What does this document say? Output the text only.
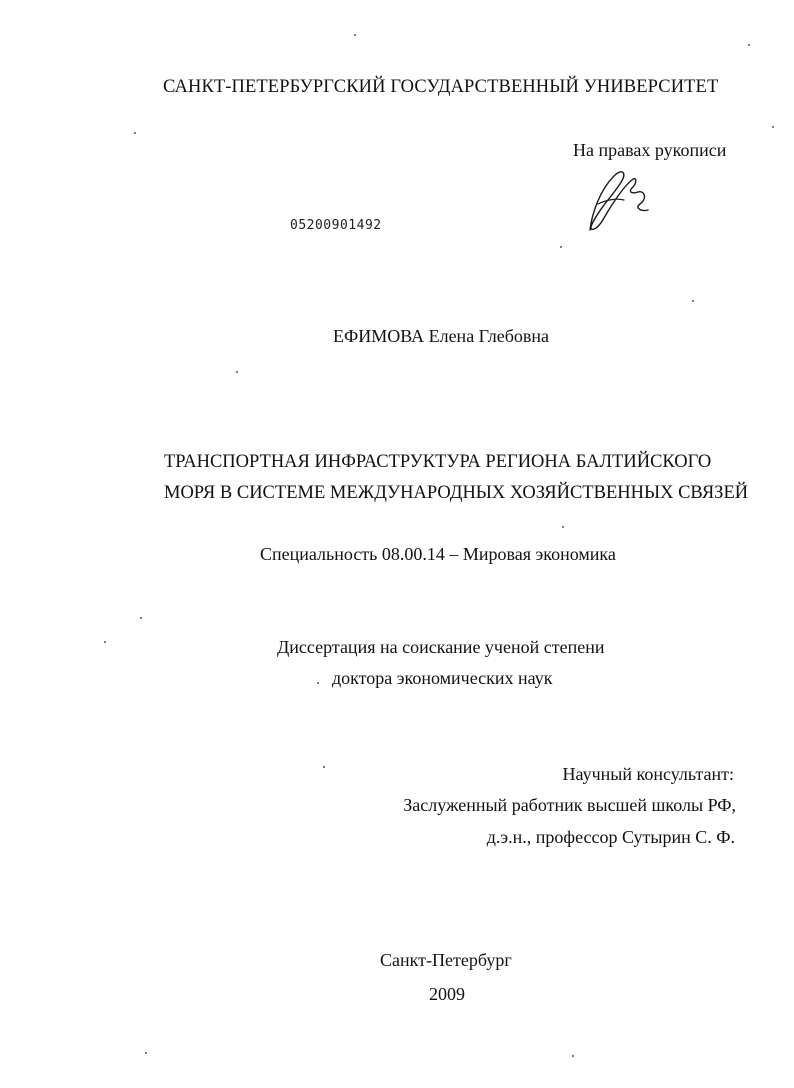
САНКТ-ПЕТЕРБУРГСКИЙ ГОСУДАРСТВЕННЫЙ УНИВЕРСИТЕТ
На правах рукописи
05200901492
ЕФИМОВА Елена Глебовна
ТРАНСПОРТНАЯ ИНФРАСТРУКТУРА РЕГИОНА БАЛТИЙСКОГО
МОРЯ В СИСТЕМЕ МЕЖДУНАРОДНЫХ ХОЗЯЙСТВЕННЫХ СВЯЗЕЙ
Специальность 08.00.14 – Мировая экономика
Диссертация на соискание ученой степени
доктора экономических наук
Научный консультант:
Заслуженный работник высшей школы РФ,
д.э.н., профессор Сутырин С. Ф.
Санкт-Петербург
2009
